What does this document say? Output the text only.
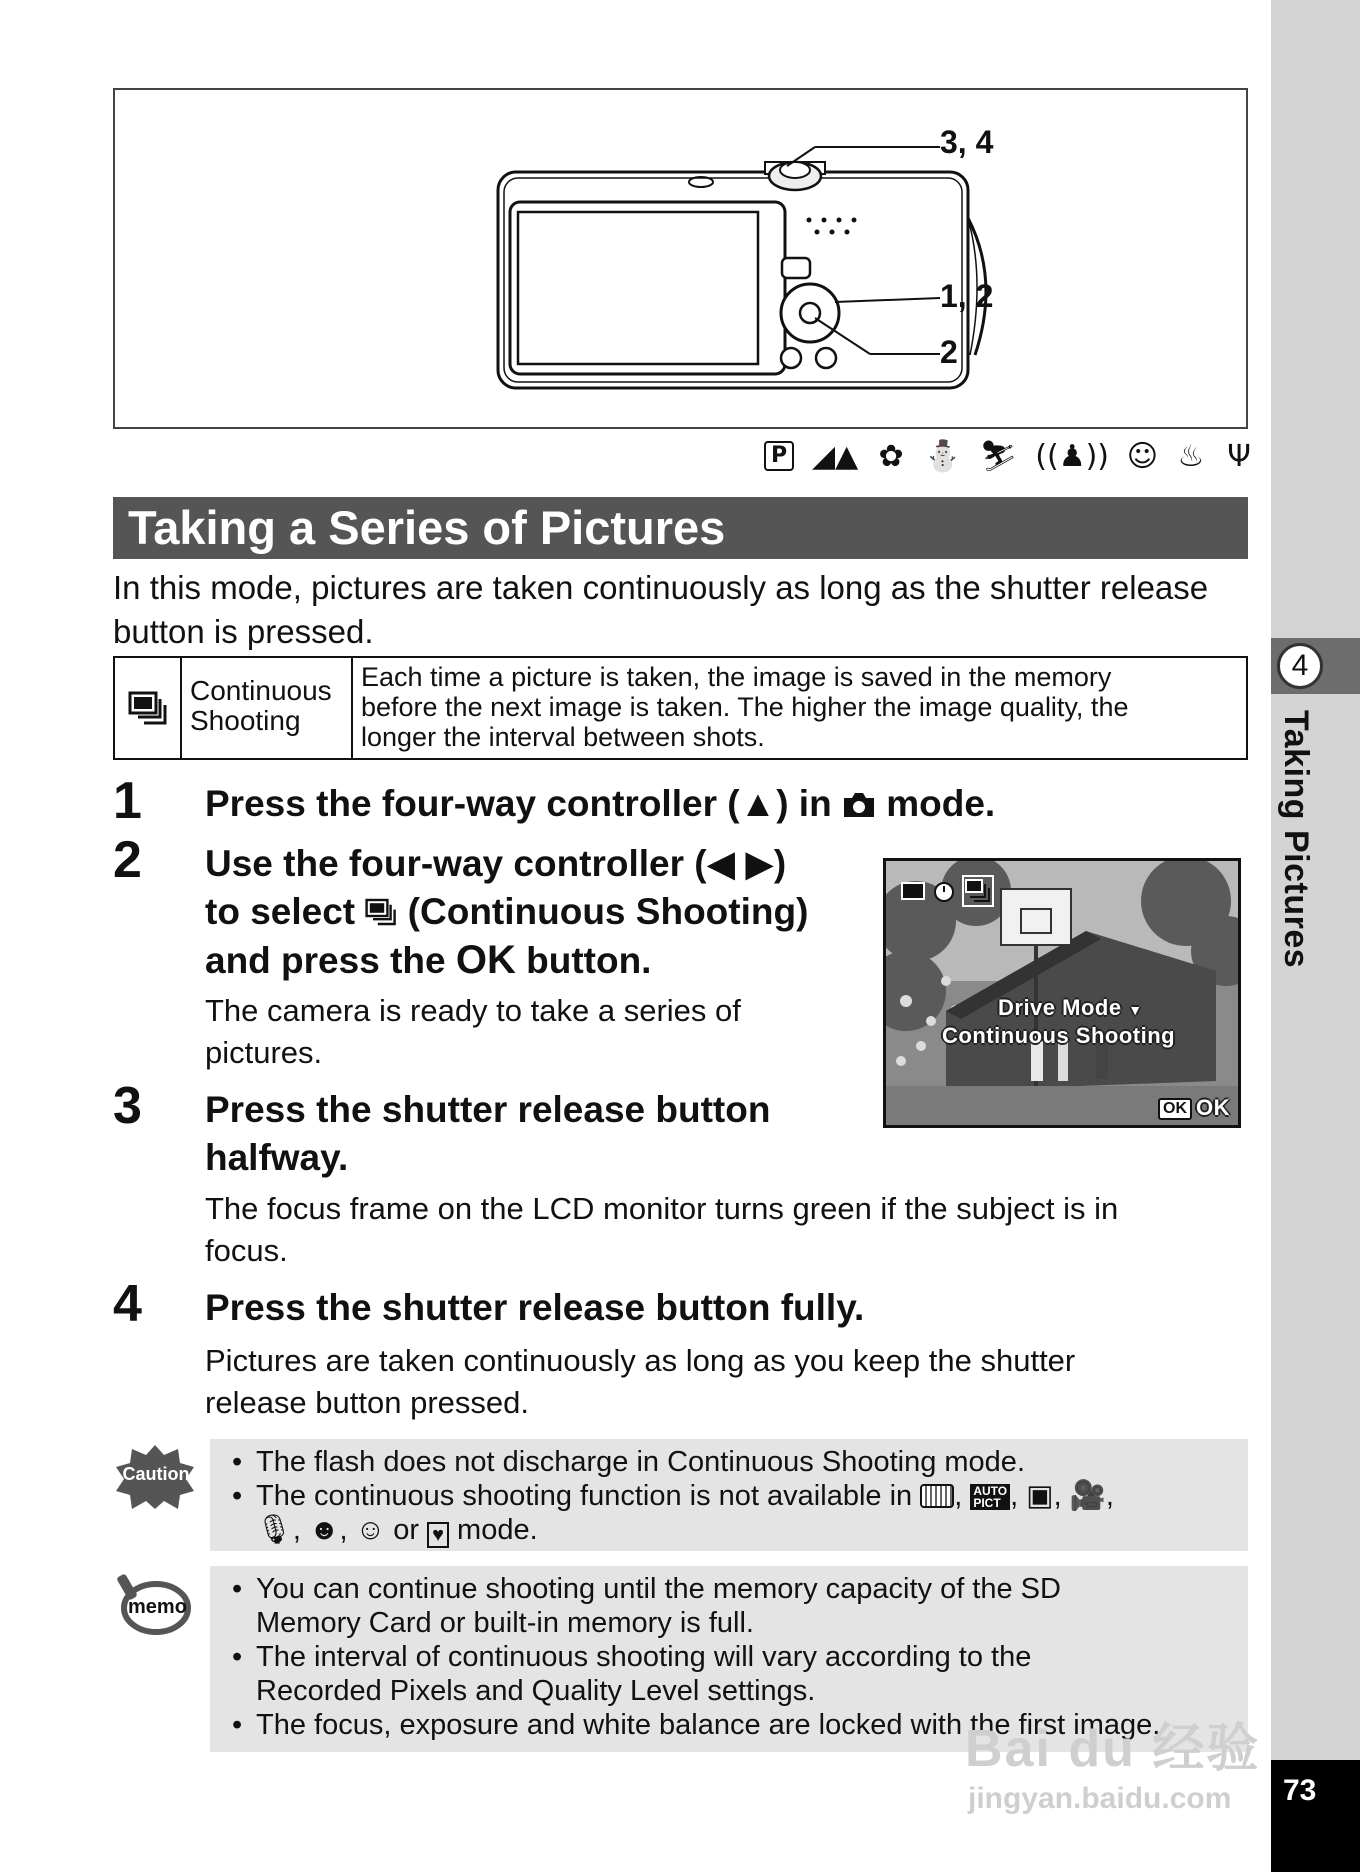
4
Taking Pictures
73
3, 4
1, 2
2
P ◢▲ ✿ ⛄ ⛷ ((♟)) ☺ ♨ Ψ
Taking a Series of Pictures
In this mode, pictures are taken continuously as long as the shutter release button is pressed.
Continuous
Shooting
Each time a picture is taken, the image is saved in the memory
before the next image is taken. The higher the image quality, the
longer the interval between shots.
1 Press the four-way controller (▲) in  mode.
2 Use the four-way controller (◀ ▶)
to select  (Continuous Shooting)
and press the OK button.
The camera is ready to take a series of
pictures.
Drive Mode ▼
Continuous Shooting
OK OK
3 Press the shutter release button
halfway.
The focus frame on the LCD monitor turns green if the subject is in
focus.
4 Press the shutter release button fully.
Pictures are taken continuously as long as you keep the shutter
release button pressed.
Caution
•	The flash does not discharge in Continuous Shooting mode.
• The continuous shooting function is not available in , AUTO
PICT , ▣, 🎥,
🎙, ☻, ☺ or ♥ mode.
memo
• You can continue shooting until the memory capacity of the SD
Memory Card or built-in memory is full.
• The interval of continuous shooting will vary according to the
Recorded Pixels and Quality Level settings.
• The focus, exposure and white balance are locked with the first image.
Bai du 经验
jingyan.baidu.com
